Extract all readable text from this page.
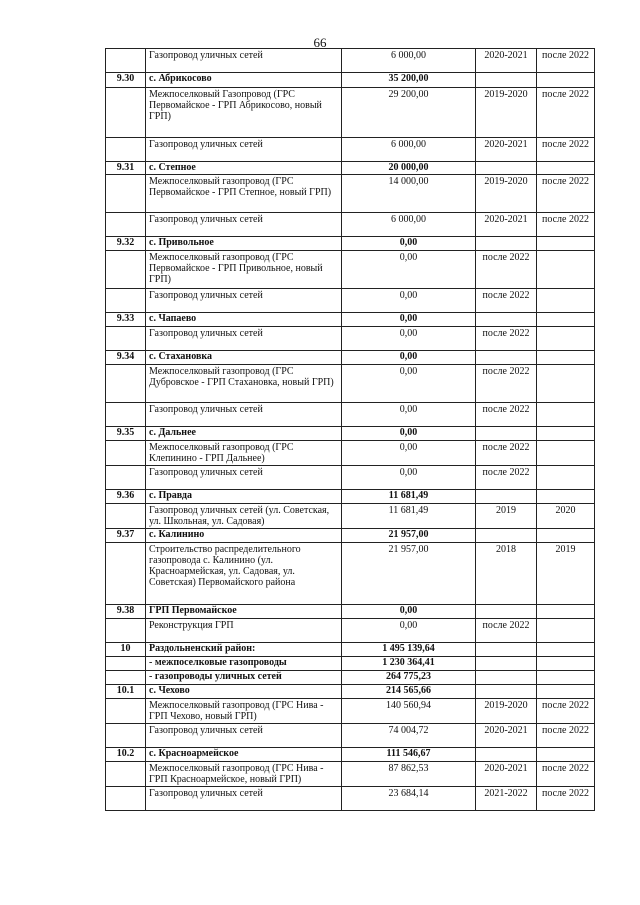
66
	Газопровод уличных сетей	6 000,00	2020-2021	после 2022
9.30	с. Абрикосово	35 200,00		
	Межпоселковый Газопровод (ГРС Первомайское - ГРП Абрикосово, новый ГРП)	29 200,00	2019-2020	после 2022
	Газопровод уличных сетей	6 000,00	2020-2021	после 2022
9.31	с. Степное	20 000,00		
	Межпоселковый газопровод (ГРС Первомайское - ГРП Степное, новый ГРП)	14 000,00	2019-2020	после 2022
	Газопровод уличных сетей	6 000,00	2020-2021	после 2022
9.32	с. Привольное	0,00		
	Межпоселковый газопровод (ГРС Первомайское - ГРП Привольное, новый ГРП)	0,00	после 2022	
	Газопровод уличных сетей	0,00	после 2022	
9.33	с. Чапаево	0,00		
	Газопровод уличных сетей	0,00	после 2022	
9.34	с. Стахановка	0,00		
	Межпоселковый газопровод (ГРС Дубровское - ГРП Стахановка, новый ГРП)	0,00	после 2022	
	Газопровод уличных сетей	0,00	после 2022	
9.35	с. Дальнее	0,00		
	Межпоселковый газопровод (ГРС Клепинино - ГРП Дальнее)	0,00	после 2022	
	Газопровод уличных сетей	0,00	после 2022	
9.36	с. Правда	11 681,49		
	Газопровод уличных сетей (ул. Советская, ул. Школьная, ул. Садовая)	11 681,49	2019	2020
9.37	с. Калинино	21 957,00		
	Строительство распределительного газопровода с. Калинино (ул. Красноармейская, ул. Садовая, ул. Советская) Первомайского района	21 957,00	2018	2019
9.38	ГРП Первомайское	0,00		
	Реконструкция ГРП	0,00	после 2022	
10	Раздольненский район:	1 495 139,64		
	- межпоселковые газопроводы	1 230 364,41		
	- газопроводы уличных сетей	264 775,23		
10.1	с. Чехово	214 565,66		
	Межпоселковый газопровод (ГРС Нива - ГРП Чехово, новый ГРП)	140 560,94	2019-2020	после 2022
	Газопровод уличных сетей	74 004,72	2020-2021	после 2022
10.2	с. Красноармейское	111 546,67		
	Межпоселковый газопровод (ГРС Нива - ГРП Красноармейское, новый ГРП)	87 862,53	2020-2021	после 2022
	Газопровод уличных сетей	23 684,14	2021-2022	после 2022
